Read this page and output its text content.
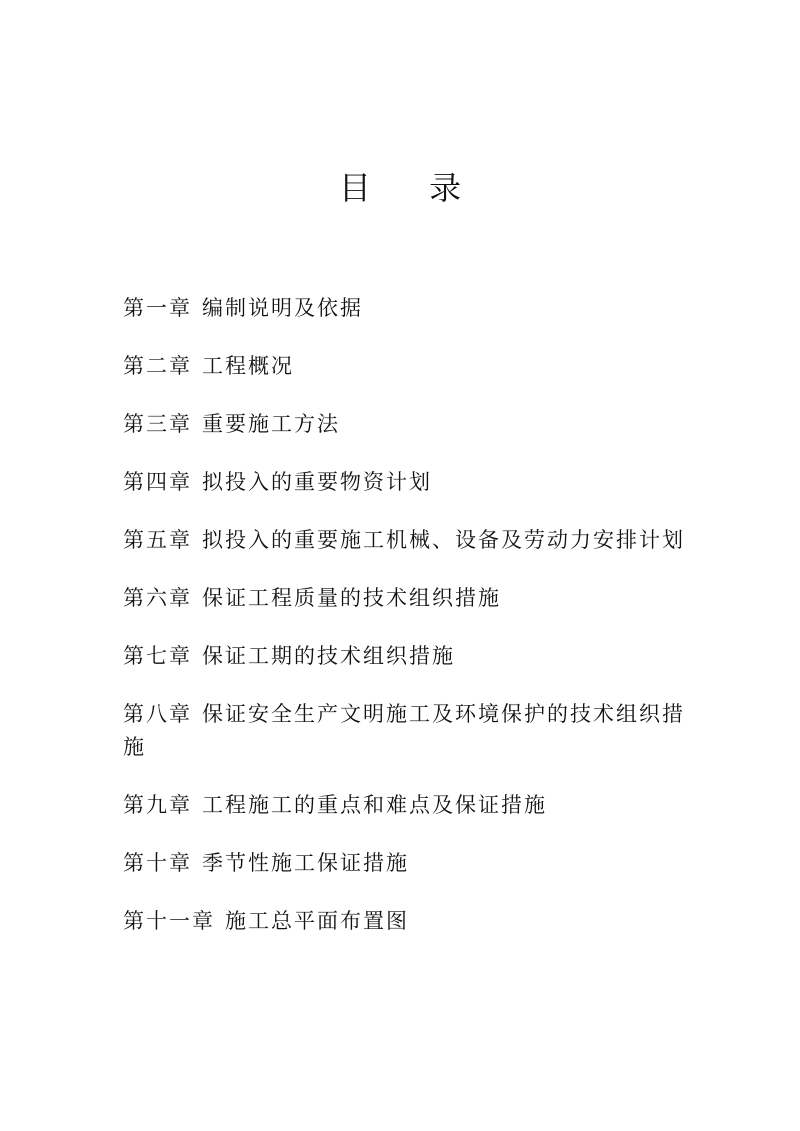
目 录
第一章 编制说明及依据
第二章 工程概况
第三章 重要施工方法
第四章 拟投入的重要物资计划
第五章 拟投入的重要施工机械、设备及劳动力安排计划
第六章 保证工程质量的技术组织措施
第七章 保证工期的技术组织措施
第八章 保证安全生产文明施工及环境保护的技术组织措施
第九章 工程施工的重点和难点及保证措施
第十章 季节性施工保证措施
第十一章 施工总平面布置图
